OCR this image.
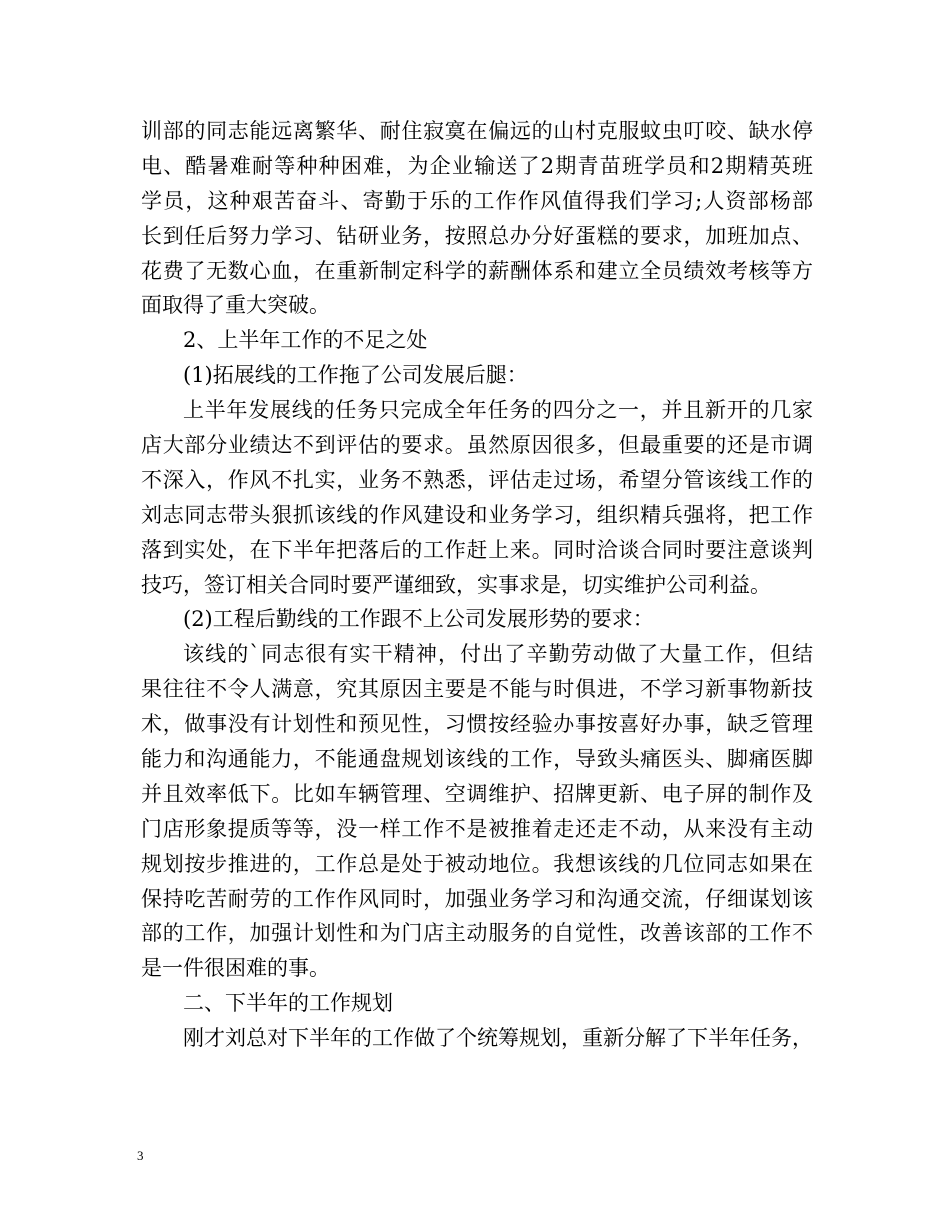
训部的同志能远离繁华、耐住寂寞在偏远的山村克服蚊虫叮咬、缺水停
电、酷暑难耐等种种困难，为企业输送了2期青苗班学员和2期精英班
学员，这种艰苦奋斗、寄勤于乐的工作作风值得我们学习;人资部杨部
长到任后努力学习、钻研业务，按照总办分好蛋糕的要求，加班加点、
花费了无数心血，在重新制定科学的薪酬体系和建立全员绩效考核等方
面取得了重大突破。
2、上半年工作的不足之处
(1)拓展线的工作拖了公司发展后腿：
上半年发展线的任务只完成全年任务的四分之一，并且新开的几家
店大部分业绩达不到评估的要求。虽然原因很多，但最重要的还是市调
不深入，作风不扎实，业务不熟悉，评估走过场，希望分管该线工作的
刘志同志带头狠抓该线的作风建设和业务学习，组织精兵强将，把工作
落到实处，在下半年把落后的工作赶上来。同时洽谈合同时要注意谈判
技巧，签订相关合同时要严谨细致，实事求是，切实维护公司利益。
(2)工程后勤线的工作跟不上公司发展形势的要求：
该线的`同志很有实干精神，付出了辛勤劳动做了大量工作，但结
果往往不令人满意，究其原因主要是不能与时俱进，不学习新事物新技
术，做事没有计划性和预见性，习惯按经验办事按喜好办事，缺乏管理
能力和沟通能力，不能通盘规划该线的工作，导致头痛医头、脚痛医脚
并且效率低下。比如车辆管理、空调维护、招牌更新、电子屏的制作及
门店形象提质等等，没一样工作不是被推着走还走不动，从来没有主动
规划按步推进的，工作总是处于被动地位。我想该线的几位同志如果在
保持吃苦耐劳的工作作风同时，加强业务学习和沟通交流，仔细谋划该
部的工作，加强计划性和为门店主动服务的自觉性，改善该部的工作不
是一件很困难的事。
二、下半年的工作规划
刚才刘总对下半年的工作做了个统筹规划，重新分解了下半年任务，
3
